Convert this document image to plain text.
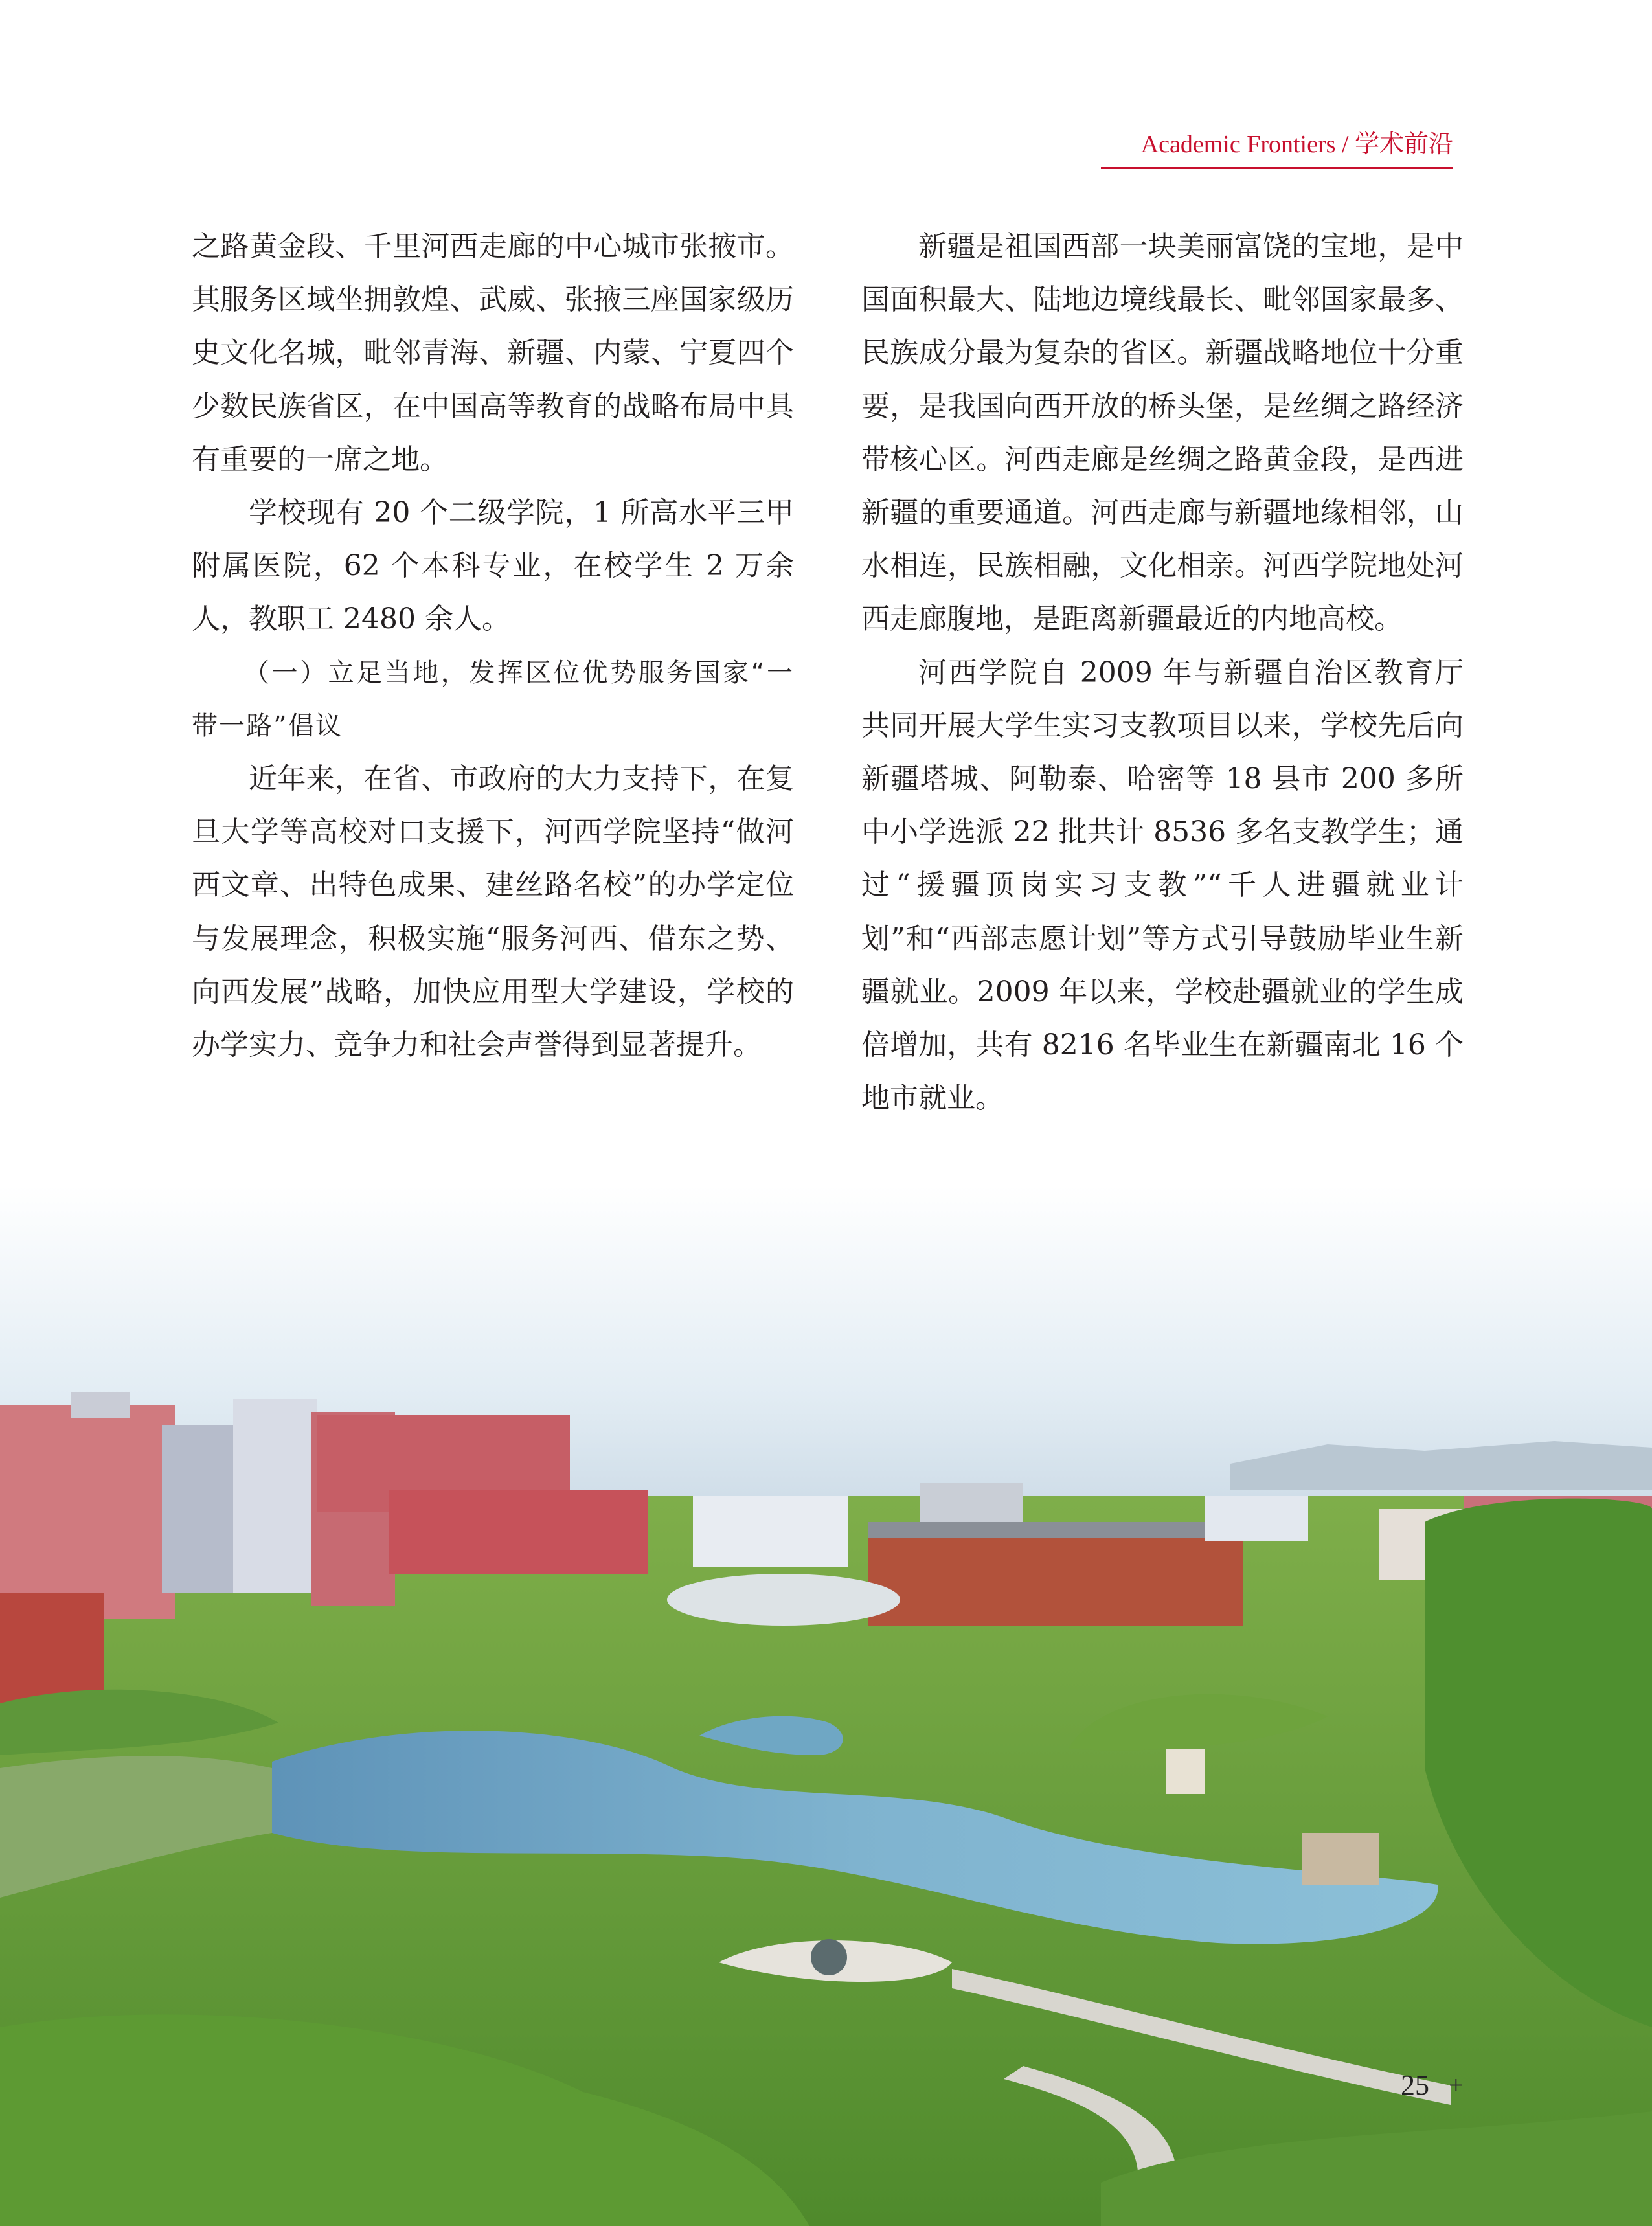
Academic Frontiers / 学术前沿

之路黄金段、千里河西走廊的中心城市张掖市。其服务区域坐拥敦煌、武威、张掖三座国家级历史文化名城，毗邻青海、新疆、内蒙、宁夏四个少数民族省区，在中国高等教育的战略布局中具有重要的一席之地。

学校现有 20 个二级学院，1 所高水平三甲附属医院，62 个本科专业，在校学生 2 万余人，教职工 2480 余人。

（一）立足当地，发挥区位优势服务国家“一带一路”倡议

近年来，在省、市政府的大力支持下，在复旦大学等高校对口支援下，河西学院坚持“做河西文章、出特色成果、建丝路名校”的办学定位与发展理念，积极实施“服务河西、借东之势、向西发展”战略，加快应用型大学建设，学校的办学实力、竞争力和社会声誉得到显著提升。

新疆是祖国西部一块美丽富饶的宝地，是中国面积最大、陆地边境线最长、毗邻国家最多、民族成分最为复杂的省区。新疆战略地位十分重要，是我国向西开放的桥头堡，是丝绸之路经济带核心区。河西走廊是丝绸之路黄金段，是西进新疆的重要通道。河西走廊与新疆地缘相邻，山水相连，民族相融，文化相亲。河西学院地处河西走廊腹地，是距离新疆最近的内地高校。

河西学院自 2009 年与新疆自治区教育厅共同开展大学生实习支教项目以来，学校先后向新疆塔城、阿勒泰、哈密等 18 县市 200 多所中小学选派 22 批共计 8536 多名支教学生；通过“援疆顶岗实习支教”“千人进疆就业计划”和“西部志愿计划”等方式引导鼓励毕业生新疆就业。2009 年以来，学校赴疆就业的学生成倍增加，共有 8216 名毕业生在新疆南北 16 个地市就业。

25 +
